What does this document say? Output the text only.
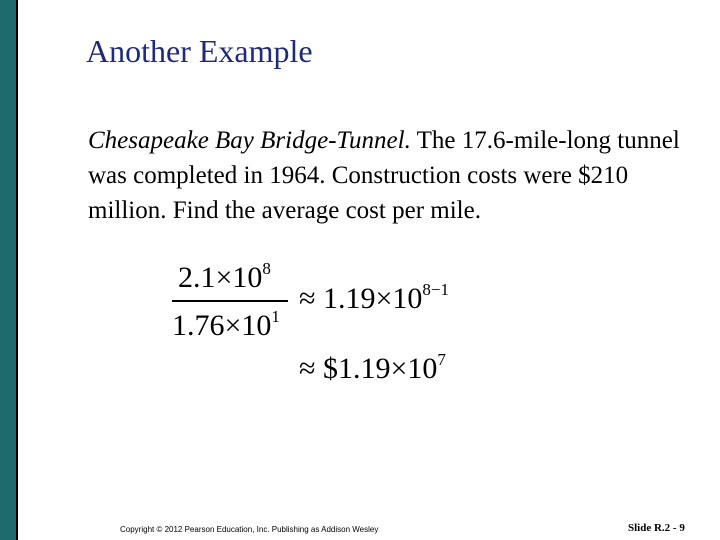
Another Example
Chesapeake Bay Bridge-Tunnel. The 17.6-mile-long tunnel was completed in 1964. Construction costs were $210 million. Find the average cost per mile.
$2.1\times 10^8$
$1.76\times 10^1$
≈ $1.19\times 10^{8-1}$
≈ $\$1.19\times 10^7$
Copyright © 2012 Pearson Education, Inc. Publishing as Addison Wesley	Slide R.2 - 9
